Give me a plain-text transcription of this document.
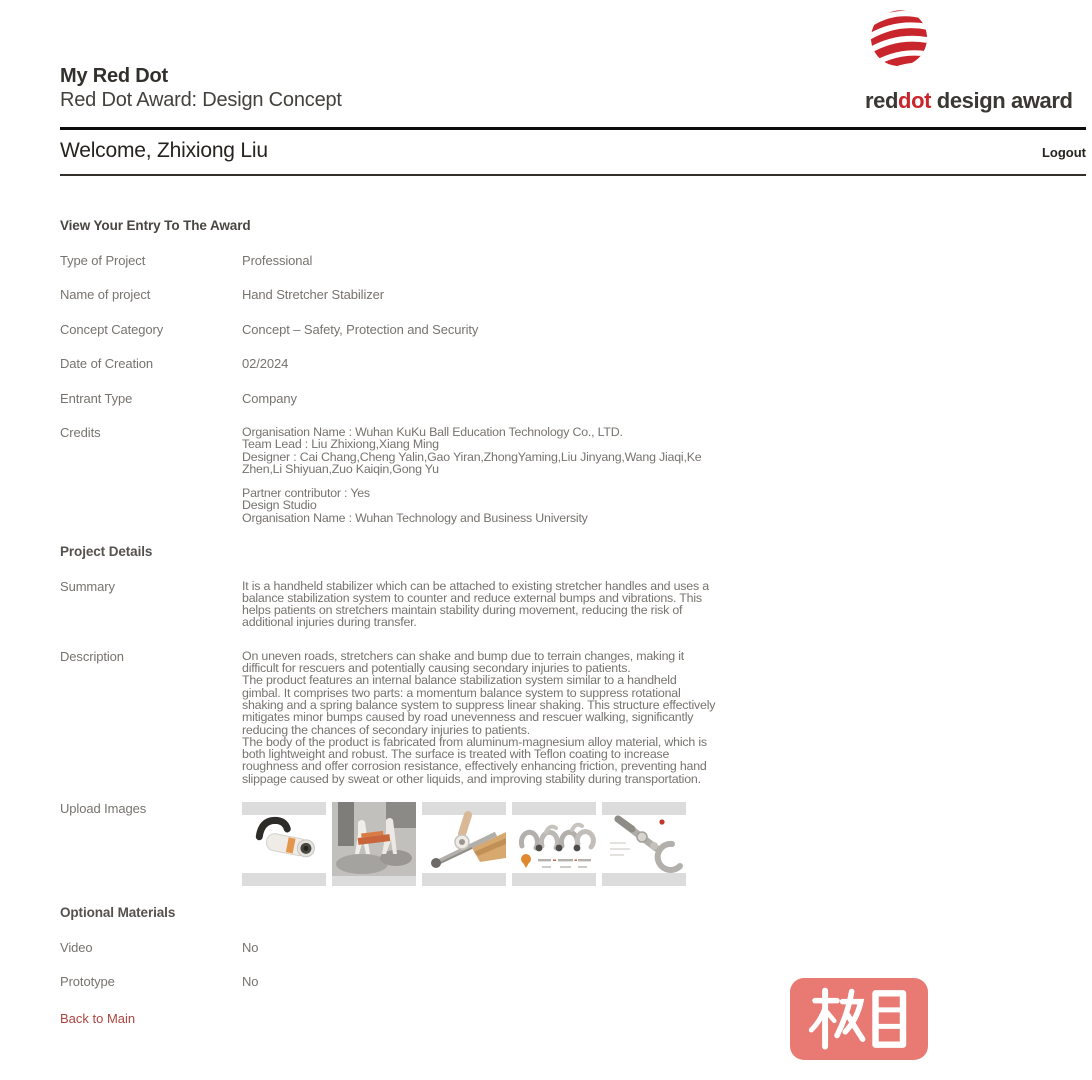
My Red Dot
Red Dot Award: Design Concept	reddot design award
Welcome, Zhixiong Liu	Logout
View Your Entry To The Award
Type of Project	Professional
Name of project	Hand Stretcher Stabilizer
Concept Category	Concept – Safety, Protection and Security
Date of Creation	02/2024
Entrant Type	Company
Credits	Organisation Name : Wuhan KuKu Ball Education Technology Co., LTD.
Team Lead : Liu Zhixiong,Xiang Ming
Designer : Cai Chang,Cheng Yalin,Gao Yiran,ZhongYaming,Liu Jinyang,Wang Jiaqi,Ke Zhen,Li Shiyuan,Zuo Kaiqin,Gong Yu
Partner contributor : Yes
Design Studio
Organisation Name : Wuhan Technology and Business University
Project Details
Summary	It is a handheld stabilizer which can be attached to existing stretcher handles and uses a balance stabilization system to counter and reduce external bumps and vibrations. This helps patients on stretchers maintain stability during movement, reducing the risk of additional injuries during transfer.
Description	On uneven roads, stretchers can shake and bump due to terrain changes, making it difficult for rescuers and potentially causing secondary injuries to patients.
The product features an internal balance stabilization system similar to a handheld gimbal. It comprises two parts: a momentum balance system to suppress rotational shaking and a spring balance system to suppress linear shaking. This structure effectively mitigates minor bumps caused by road unevenness and rescuer walking, significantly reducing the chances of secondary injuries to patients.
The body of the product is fabricated from aluminum-magnesium alloy material, which is both lightweight and robust. The surface is treated with Teflon coating to increase roughness and offer corrosion resistance, effectively enhancing friction, preventing hand slippage caused by sweat or other liquids, and improving stability during transportation.
Upload Images
Optional Materials
Video	No
Prototype	No
Back to Main
